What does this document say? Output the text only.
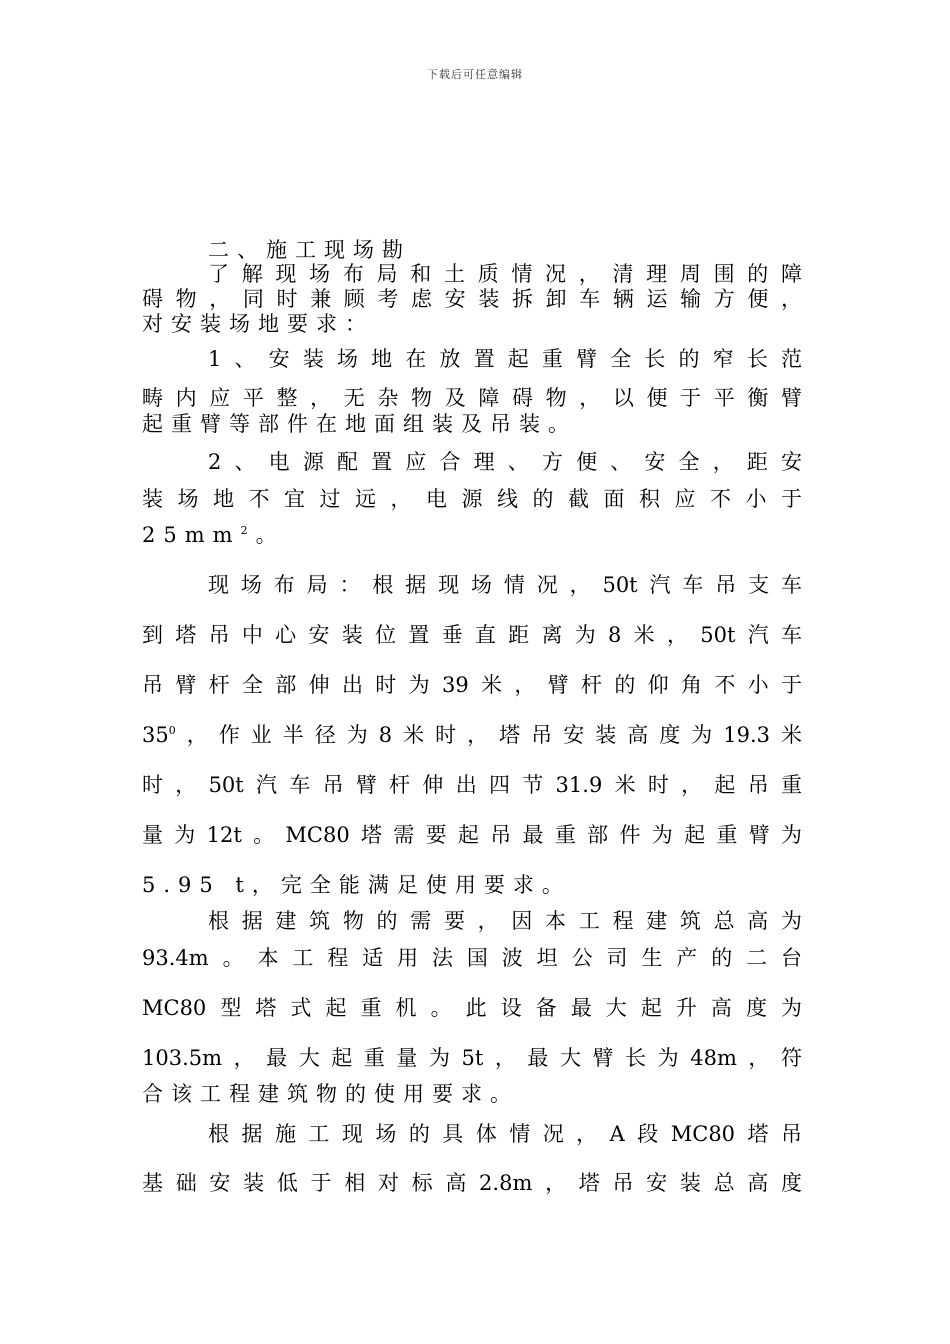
下载后可任意编辑
二、施工现场勘
了解现场布局和土质情况，清理周围的障
碍物，同时兼顾考虑安装拆卸车辆运输方便，
对安装场地要求：
1、安装场地在放置起重臂全长的窄长范
畴内应平整，无杂物及障碍物，以便于平衡臂
起重臂等部件在地面组装及吊装。
2、电源配置应合理、方便、安全，距安
装场地不宜过远，电源线的截面积应不小于
$25mm^2$。
现场布局：根据现场情况，50t汽车吊支车
到塔吊中心安装位置垂直距离为8米，50t汽车
吊臂杆全部伸出时为39米，臂杆的仰角不小于
$35^0$，作业半径为8米时，塔吊安装高度为19.3米
时，50t汽车吊臂杆伸出四节31.9米时，起吊重
量为12t。MC80塔需要起吊最重部件为起重臂为
5.95 t，完全能满足使用要求。
根据建筑物的需要，因本工程建筑总高为
93.4m。本工程适用法国波坦公司生产的二台
MC80型塔式起重机。此设备最大起升高度为
103.5m，最大起重量为5t，最大臂长为48m，符
合该工程建筑物的使用要求。
根据施工现场的具体情况，A段MC80塔吊
基础安装低于相对标高2.8m，塔吊安装总高度
